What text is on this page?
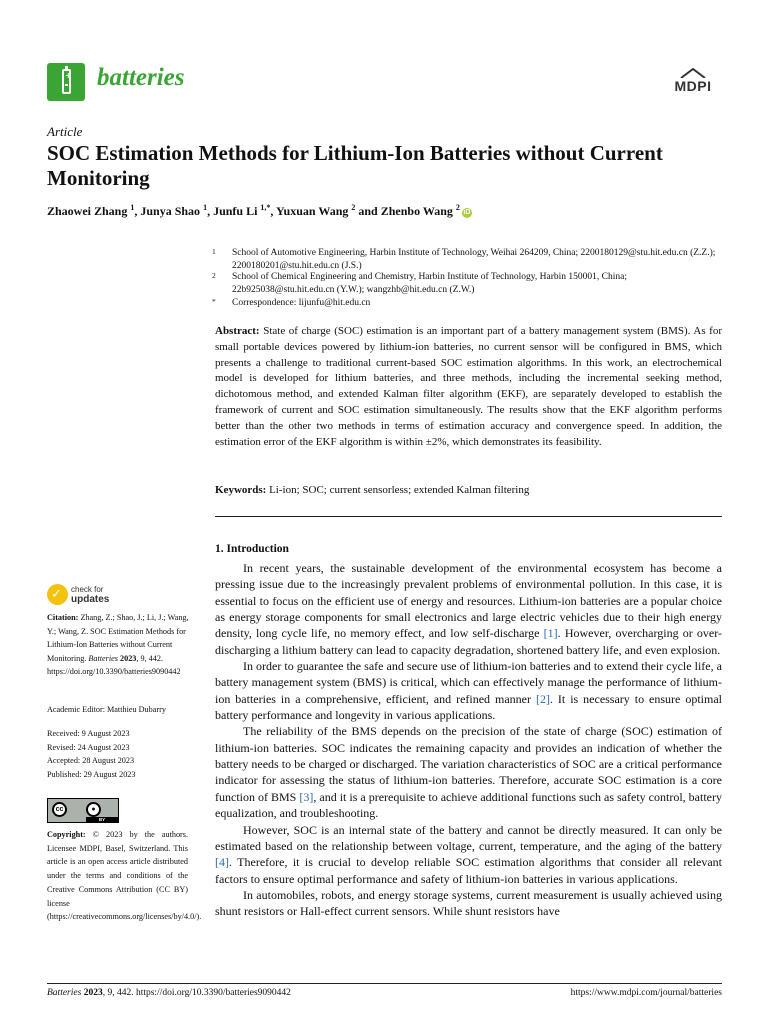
+ batteries	MDPI
Article
SOC Estimation Methods for Lithium-Ion Batteries without Current Monitoring
Zhaowei Zhang $^1$, Junya Shao $^1$, Junfu Li $^{1,*}$, Yuxuan Wang $^2$ and Zhenbo Wang $^2$iD
1 School of Automotive Engineering, Harbin Institute of Technology, Weihai 264209, China; 2200180129@stu.hit.edu.cn (Z.Z.); 2200180201@stu.hit.edu.cn (J.S.)
2 School of Chemical Engineering and Chemistry, Harbin Institute of Technology, Harbin 150001, China; 22b925038@stu.hit.edu.cn (Y.W.); wangzhb@hit.edu.cn (Z.W.)
* Correspondence: lijunfu@hit.edu.cn
Abstract: State of charge (SOC) estimation is an important part of a battery management system (BMS). As for small portable devices powered by lithium-ion batteries, no current sensor will be configured in BMS, which presents a challenge to traditional current-based SOC estimation algorithms. In this work, an electrochemical model is developed for lithium batteries, and three methods, including the incremental seeking method, dichotomous method, and extended Kalman filter algorithm (EKF), are separately developed to establish the framework of current and SOC estimation simultaneously. The results show that the EKF algorithm performs better than the other two methods in terms of estimation accuracy and convergence speed. In addition, the estimation error of the EKF algorithm is within ±2%, which demonstrates its feasibility.
Keywords: Li-ion; SOC; current sensorless; extended Kalman filtering
1. Introduction

In recent years, the sustainable development of the environmental ecosystem has become a pressing issue due to the increasingly prevalent problems of environmental pollution. In this case, it is essential to focus on the efficient use of energy and resources. Lithium-ion batteries are a popular choice as energy storage components for small electronics and large electric vehicles due to their high energy density, long cycle life, no memory effect, and low self-discharge [1]. However, overcharging or over-discharging a lithium battery can lead to capacity degradation, shortened battery life, and even explosion.

In order to guarantee the safe and secure use of lithium-ion batteries and to extend their cycle life, a battery management system (BMS) is critical, which can effectively manage the performance of lithium-ion batteries in a comprehensive, efficient, and refined manner [2]. It is necessary to ensure optimal battery performance and longevity in various applications.

The reliability of the BMS depends on the precision of the state of charge (SOC) estimation of lithium-ion batteries. SOC indicates the remaining capacity and provides an indication of whether the battery needs to be charged or discharged. The variation characteristics of SOC are a critical performance indicator for assessing the status of lithium-ion batteries. Therefore, accurate SOC estimation is a core function of BMS [3], and it is a prerequisite to achieve additional functions such as safety control, battery equalization, and troubleshooting.

However, SOC is an internal state of the battery and cannot be directly measured. It can only be estimated based on the relationship between voltage, current, temperature, and the aging of the battery [4]. Therefore, it is crucial to develop reliable SOC estimation algorithms that consider all relevant factors to ensure optimal performance and safety of lithium-ion batteries in various applications.

In automobiles, robots, and energy storage systems, current measurement is usually achieved using shunt resistors or Hall-effect current sensors. While shunt resistors have

✓ check for
updates
Citation: Zhang, Z.; Shao, J.; Li, J.; Wang, Y.; Wang, Z. SOC Estimation Methods for Lithium-Ion Batteries without Current Monitoring. Batteries 2023, 9, 442. https://doi.org/10.3390/batteries9090442
Academic Editor: Matthieu Dubarry
Received: 9 August 2023
Revised: 24 August 2023
Accepted: 28 August 2023
Published: 29 August 2023
cc	●
BY
Copyright: © 2023 by the authors. Licensee MDPI, Basel, Switzerland. This article is an open access article distributed under the terms and conditions of the Creative Commons Attribution (CC BY) license (https://creativecommons.org/licenses/by/4.0/).
Batteries 2023, 9, 442. https://doi.org/10.3390/batteries9090442	https://www.mdpi.com/journal/batteries
